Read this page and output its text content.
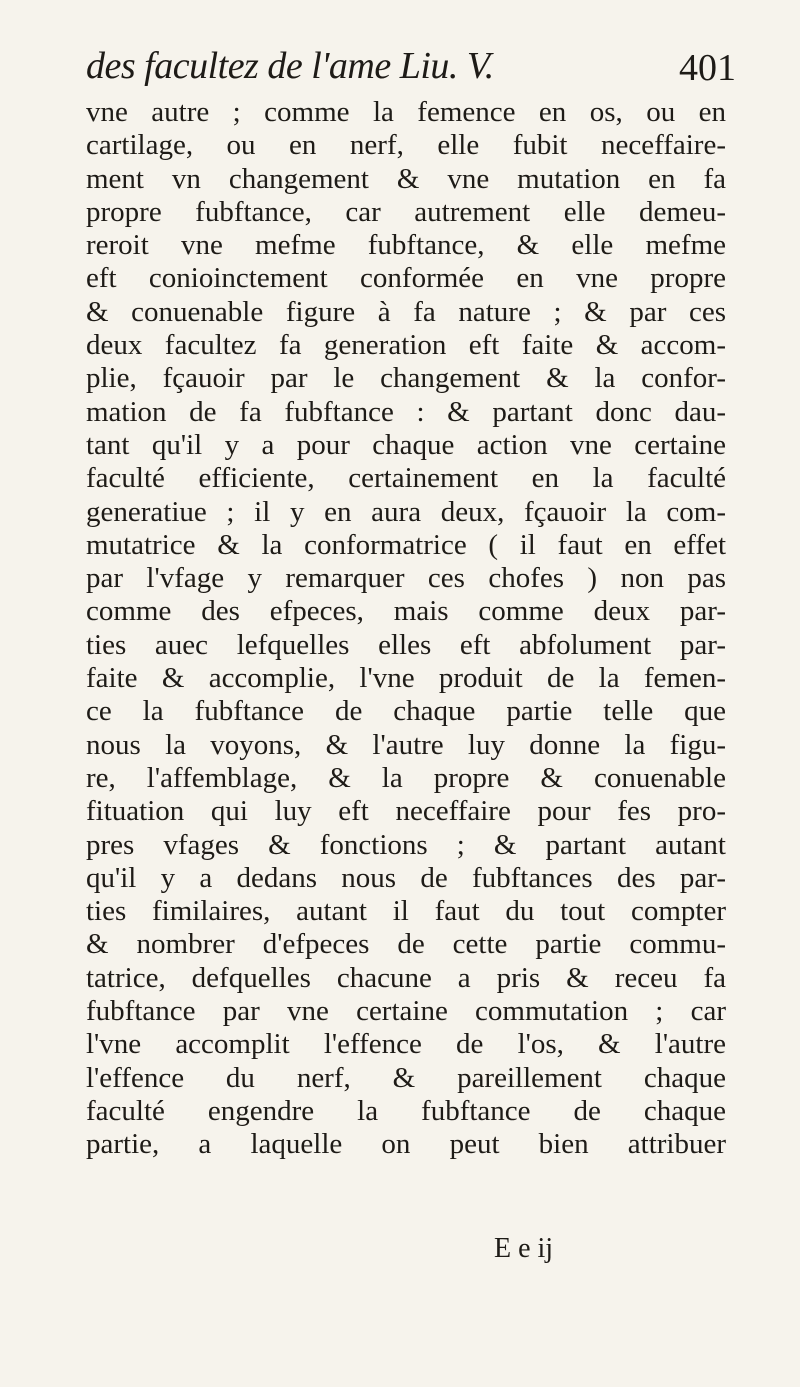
des facultez de l'ame Liu. V.	401
vne autre ; comme la femence en os, ou en
cartilage, ou en nerf, elle fubit neceffaire-
ment vn changement & vne mutation en fa
propre fubftance, car autrement elle demeu-
reroit vne mefme fubftance, & elle mefme
eft conioinctement conformée en vne propre
& conuenable figure à fa nature ; & par ces
deux facultez fa generation eft faite & accom-
plie, fçauoir par le changement & la confor-
mation de fa fubftance : & partant donc dau-
tant qu'il y a pour chaque action vne certaine
faculté efficiente, certainement en la faculté
generatiue ; il y en aura deux, fçauoir la com-
mutatrice & la conformatrice ( il faut en effet
par l'vfage y remarquer ces chofes ) non pas
comme des efpeces, mais comme deux par-
ties auec lefquelles elles eft abfolument par-
faite & accomplie, l'vne produit de la femen-
ce la fubftance de chaque partie telle que
nous la voyons, & l'autre luy donne la figu-
re, l'affemblage, & la propre & conuenable
fituation qui luy eft neceffaire pour fes pro-
pres vfages & fonctions ; & partant autant
qu'il y a dedans nous de fubftances des par-
ties fimilaires, autant il faut du tout compter
& nombrer d'efpeces de cette partie commu-
tatrice, defquelles chacune a pris & receu fa
fubftance par vne certaine commutation ; car
l'vne accomplit l'effence de l'os, & l'autre
l'effence du nerf, & pareillement chaque
faculté engendre la fubftance de chaque
partie, a laquelle on peut bien attribuer
E e ij
